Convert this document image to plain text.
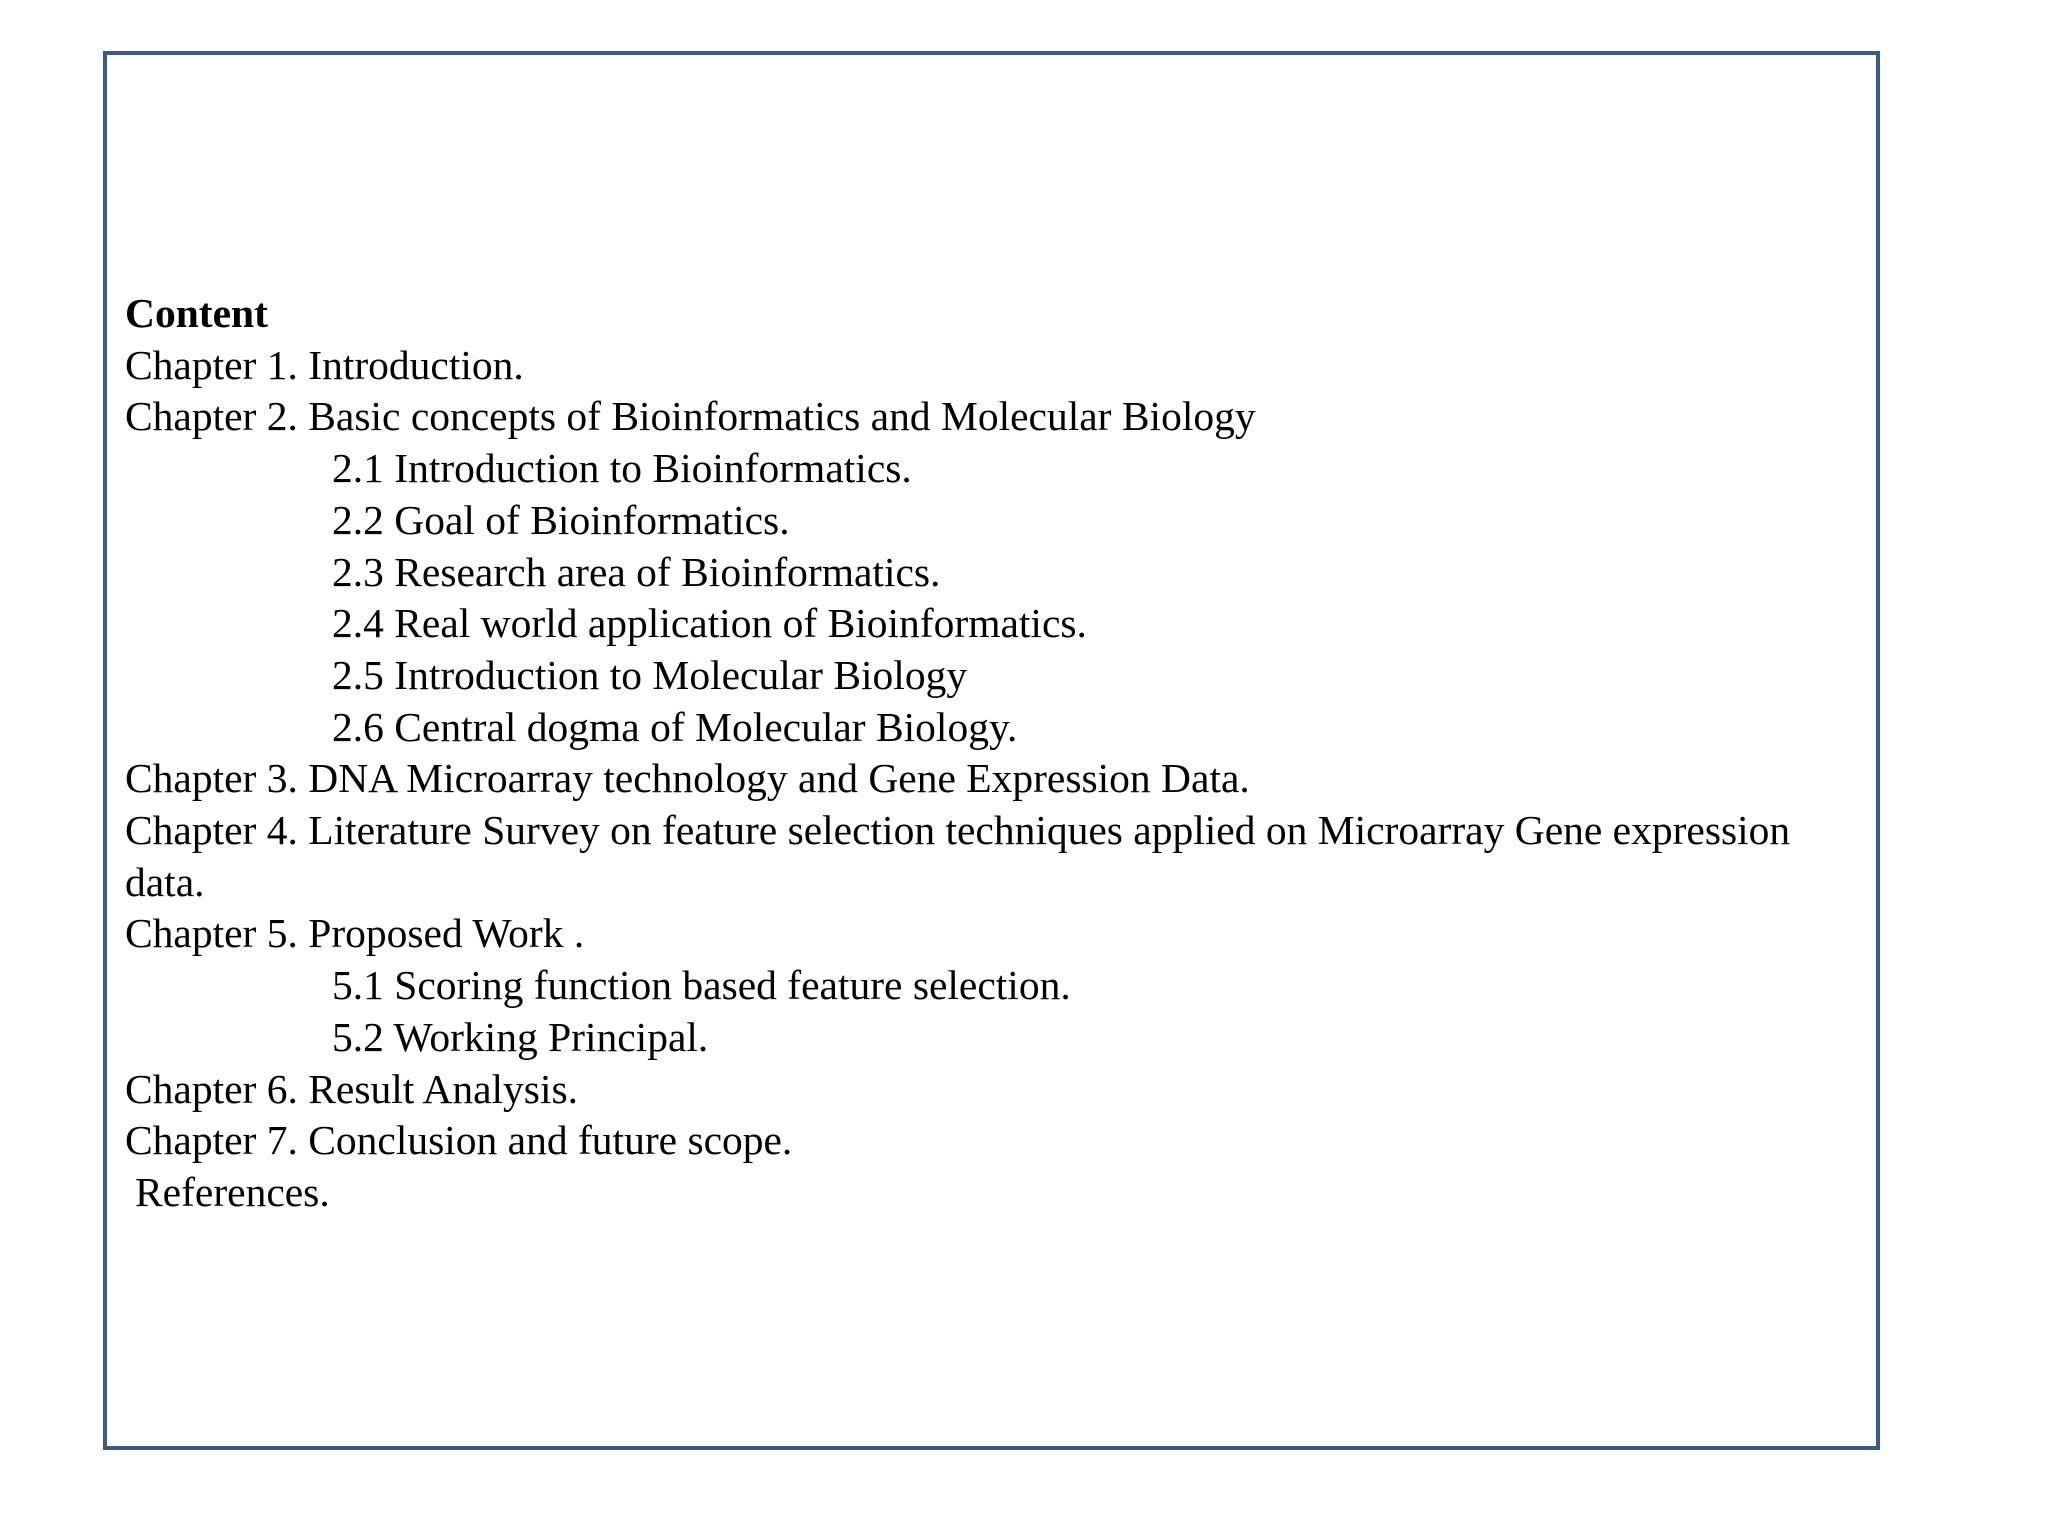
Content
Chapter 1. Introduction.
Chapter 2. Basic concepts of Bioinformatics and Molecular Biology
2.1 Introduction to Bioinformatics.
2.2 Goal of Bioinformatics.
2.3 Research area of Bioinformatics.
2.4 Real world application of Bioinformatics.
2.5 Introduction to Molecular Biology
2.6 Central dogma of Molecular Biology.
Chapter 3. DNA Microarray technology and Gene Expression Data.
Chapter 4. Literature Survey on feature selection techniques applied on Microarray Gene expression data.
Chapter 5. Proposed Work .
5.1 Scoring function based feature selection.
5.2 Working Principal.
Chapter 6. Result Analysis.
Chapter 7. Conclusion and future scope.
References.
